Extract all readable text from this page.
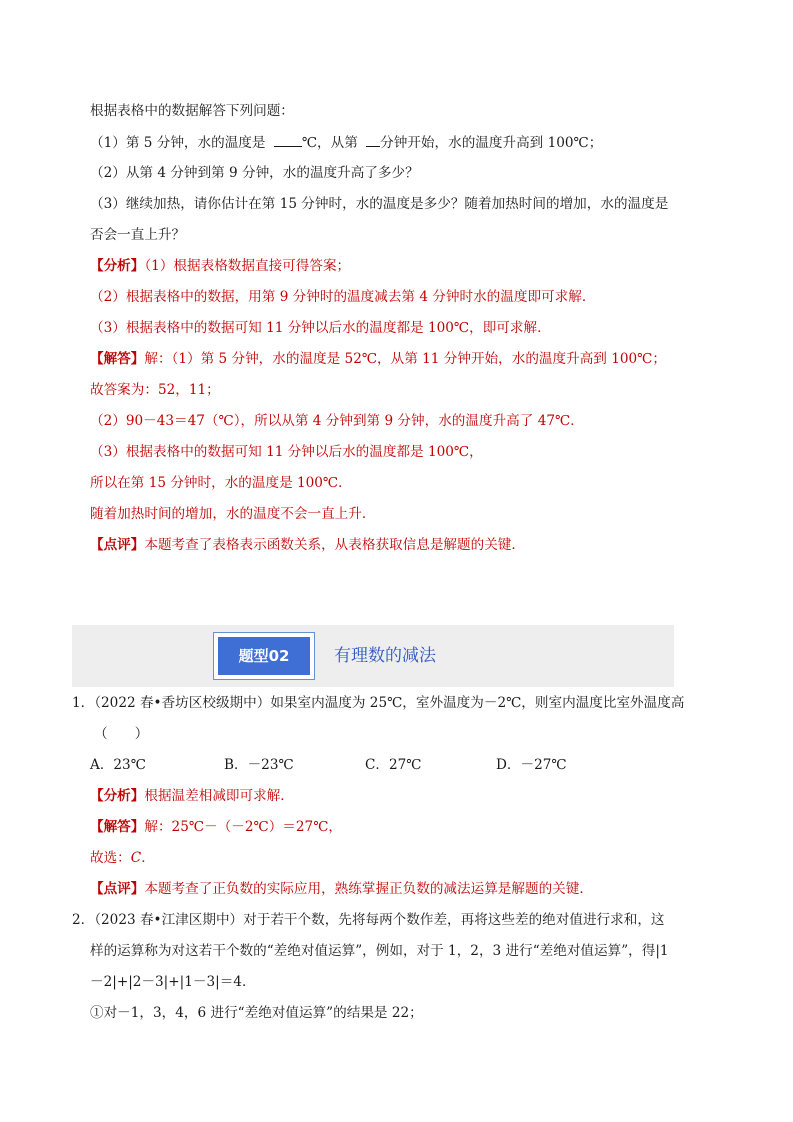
根据表格中的数据解答下列问题：
（1）第 5 分钟，水的温度是	℃，从第 分钟开始，水的温度升高到 100℃；
（2）从第 4 分钟到第 9 分钟，水的温度升高了多少？
（3）继续加热，请你估计在第 15 分钟时，水的温度是多少？随着加热时间的增加，水的温度是
否会一直上升？
【分析】（1）根据表格数据直接可得答案；
（2）根据表格中的数据，用第 9 分钟时的温度减去第 4 分钟时水的温度即可求解．
（3）根据表格中的数据可知 11 分钟以后水的温度都是 100℃，即可求解．
【解答】解：（1）第 5 分钟，水的温度是 52℃，从第 11 分钟开始，水的温度升高到 100℃；
故答案为：52，11；
（2）90－43＝47（℃），所以从第 4 分钟到第 9 分钟，水的温度升高了 47℃．
（3）根据表格中的数据可知 11 分钟以后水的温度都是 100℃，
所以在第 15 分钟时，水的温度是 100℃．
随着加热时间的增加，水的温度不会一直上升．
【点评】本题考查了表格表示函数关系，从表格获取信息是解题的关键．
题型02	有理数的减法
1．（2022 春•香坊区校级期中）如果室内温度为 25℃，室外温度为－2℃，则室内温度比室外温度高
（　　）
A．23℃	B．－23℃	C．27℃	D．－27℃
【分析】根据温差相减即可求解．
【解答】解：25℃－（－2℃）＝27℃，
故选：C．
【点评】本题考查了正负数的实际应用，熟练掌握正负数的减法运算是解题的关键．
2．（2023 春•江津区期中）对于若干个数，先将每两个数作差，再将这些差的绝对值进行求和，这
样的运算称为对这若干个数的“差绝对值运算”，例如，对于 1，2，3 进行“差绝对值运算”，得|1
－2|+|2－3|+|1－3|＝4．
①对－1，3，4，6 进行“差绝对值运算”的结果是 22；
